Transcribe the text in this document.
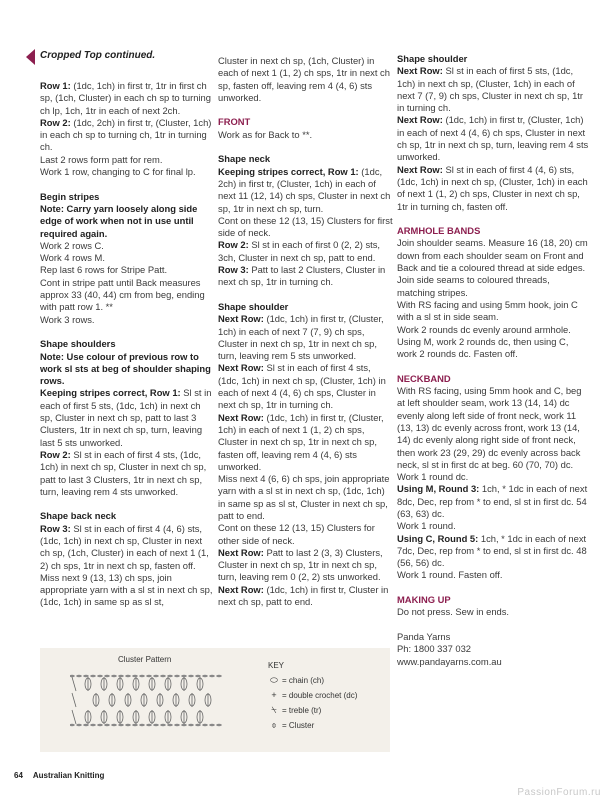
Cropped Top continued.

Row 1: (1dc, 1ch) in first tr, 1tr in first ch sp, (1ch, Cluster) in each ch sp to turning ch lp, 1ch, 1tr in each of next 2ch.

Row 2: (1dc, 2ch) in first tr, (Cluster, 1ch) in each ch sp to turning ch, 1tr in turning ch.

Last 2 rows form patt for rem.

Work 1 row, changing to C for final lp.

Begin stripes

Note: Carry yarn loosely along side edge of work when not in use until required again.

Work 2 rows C.

Work 4 rows M.

Rep last 6 rows for Stripe Patt.

Cont in stripe patt until Back measures approx 33 (40, 44) cm from beg, ending with patt row 1. **

Work 3 rows.

Shape shoulders

Note: Use colour of previous row to work sl sts at beg of shoulder shaping rows.

Keeping stripes correct, Row 1: Sl st in each of first 5 sts, (1dc, 1ch) in next ch sp, Cluster in next ch sp, patt to last 3 Clusters, 1tr in next ch sp, turn, leaving last 5 sts unworked.

Row 2: Sl st in each of first 4 sts, (1dc, 1ch) in next ch sp, Cluster in next ch sp, patt to last 3 Clusters, 1tr in next ch sp, turn, leaving rem 4 sts unworked.

Shape back neck

Row 3: Sl st in each of first 4 (4, 6) sts, (1dc, 1ch) in next ch sp, Cluster in next ch sp, (1ch, Cluster) in each of next 1 (1, 2) ch sps, 1tr in next ch sp, fasten off.

Miss next 9 (13, 13) ch sps, join appropriate yarn with a sl st in next ch sp, (1dc, 1ch) in same sp as sl st,

Cluster in next ch sp, (1ch, Cluster) in each of next 1 (1, 2) ch sps, 1tr in next ch sp, fasten off, leaving rem 4 (4, 6) sts unworked.

FRONT

Work as for Back to **.

Shape neck

Keeping stripes correct, Row 1: (1dc, 2ch) in first tr, (Cluster, 1ch) in each of next 11 (12, 14) ch sps, Cluster in next ch sp, 1tr in next ch sp, turn.

Cont on these 12 (13, 15) Clusters for first side of neck.

Row 2: Sl st in each of first 0 (2, 2) sts, 3ch, Cluster in next ch sp, patt to end.

Row 3: Patt to last 2 Clusters, Cluster in next ch sp, 1tr in turning ch.

Shape shoulder

Next Row: (1dc, 1ch) in first tr, (Cluster, 1ch) in each of next 7 (7, 9) ch sps, Cluster in next ch sp, 1tr in next ch sp, turn, leaving rem 5 sts unworked.

Next Row: Sl st in each of first 4 sts, (1dc, 1ch) in next ch sp, (Cluster, 1ch) in each of next 4 (4, 6) ch sps, Cluster in next ch sp, 1tr in turning ch.

Next Row: (1dc, 1ch) in first tr, (Cluster, 1ch) in each of next 1 (1, 2) ch sps, Cluster in next ch sp, 1tr in next ch sp, fasten off, leaving rem 4 (4, 6) sts unworked.

Miss next 4 (6, 6) ch sps, join appropriate yarn with a sl st in next ch sp, (1dc, 1ch) in same sp as sl st, Cluster in next ch sp, patt to end.

Cont on these 12 (13, 15) Clusters for other side of neck.

Next Row: Patt to last 2 (3, 3) Clusters, Cluster in next ch sp, 1tr in next ch sp, turn, leaving rem 0 (2, 2) sts unworked.

Next Row: (1dc, 1ch) in first tr, Cluster in next ch sp, patt to end.

Shape shoulder

Next Row: Sl st in each of first 5 sts, (1dc, 1ch) in next ch sp, (Cluster, 1ch) in each of next 7 (7, 9) ch sps, Cluster in next ch sp, 1tr in turning ch.

Next Row: (1dc, 1ch) in first tr, (Cluster, 1ch) in each of next 4 (4, 6) ch sps, Cluster in next ch sp, 1tr in next ch sp, turn, leaving rem 4 sts unworked.

Next Row: Sl st in each of first 4 (4, 6) sts, (1dc, 1ch) in next ch sp, (Cluster, 1ch) in each of next 1 (1, 2) ch sps, Cluster in next ch sp, 1tr in turning ch, fasten off.

ARMHOLE BANDS

Join shoulder seams. Measure 16 (18, 20) cm down from each shoulder seam on Front and Back and tie a coloured thread at side edges. Join side seams to coloured threads, matching stripes.

With RS facing and using 5mm hook, join C with a sl st in side seam.

Work 2 rounds dc evenly around armhole.

Using M, work 2 rounds dc, then using C, work 2 rounds dc. Fasten off.

NECKBAND

With RS facing, using 5mm hook and C, beg at left shoulder seam, work 13 (14, 14) dc evenly along left side of front neck, work 11 (13, 13) dc evenly across front, work 13 (14, 14) dc evenly along right side of front neck, then work 23 (29, 29) dc evenly across back neck, sl st in first dc at beg. 60 (70, 70) dc.

Work 1 round dc.

Using M, Round 3: 1ch, * 1dc in each of next 8dc, Dec, rep from * to end, sl st in first dc. 54 (63, 63) dc.

Work 1 round.

Using C, Round 5: 1ch, * 1dc in each of next 7dc, Dec, rep from * to end, sl st in first dc. 48 (56, 56) dc.

Work 1 round. Fasten off.

MAKING UP

Do not press. Sew in ends.

Panda Yarns

Ph: 1800 337 032

www.pandayarns.com.au

Cluster Pattern
KEY
⬭ = chain (ch)
+ = double crochet (dc)
⍀ = treble (tr)
⌽ = Cluster
64 Australian Knitting
PassionForum.ru
